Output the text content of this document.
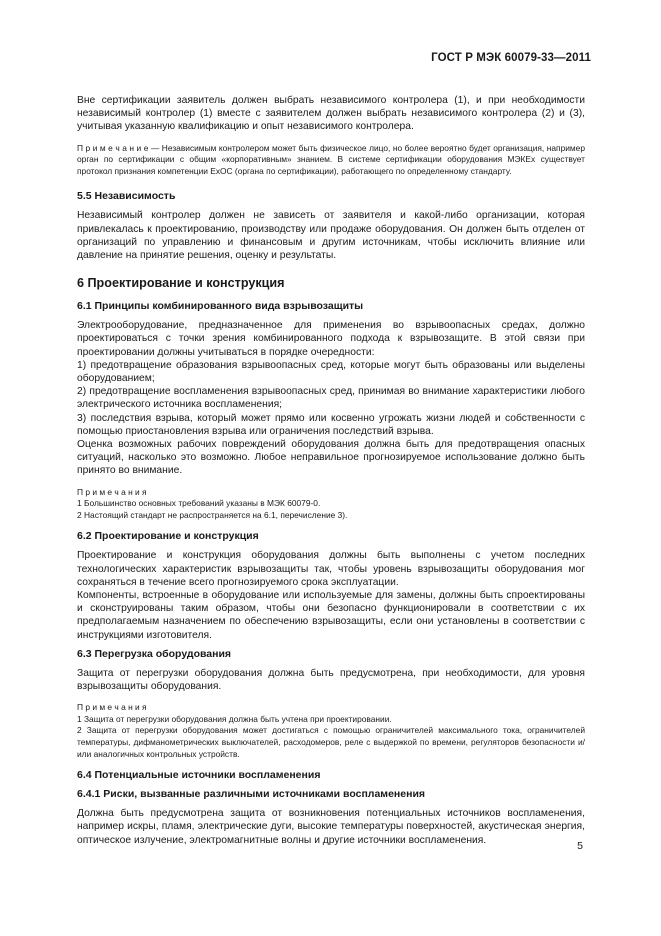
ГОСТ Р МЭК 60079-33—2011

Вне сертификации заявитель должен выбрать независимого контролера (1), и при необходимости независимый контролер (1) вместе с заявителем должен выбрать независимого контролера (2) и (3), учитывая указанную квалификацию и опыт независимого контролера.

П р и м е ч а н и е — Независимым контролером может быть физическое лицо, но более вероятно будет организация, например орган по сертификации с общим «корпоративным» знанием. В системе сертификации оборудования МЭКEx существует протокол признания компетенции ExOC (органа по сертификации), работающего по определенному стандарту.

5.5 Независимость

Независимый контролер должен не зависеть от заявителя и какой-либо организации, которая привлекалась к проектированию, производству или продаже оборудования. Он должен быть отделен от организаций по управлению и финансовым и другим источникам, чтобы исключить влияние или давление на принятие решения, оценку и результаты.

6 Проектирование и конструкция
6.1 Принципы комбинированного вида взрывозащиты

Электрооборудование, предназначенное для применения во взрывоопасных средах, должно проектироваться с точки зрения комбинированного подхода к взрывозащите. В этой связи при проектировании должны учитываться в порядке очередности:

1) предотвращение образования взрывоопасных сред, которые могут быть образованы или выделены оборудованием;

2) предотвращение воспламенения взрывоопасных сред, принимая во внимание характеристики любого электрического источника воспламенения;

3) последствия взрыва, который может прямо или косвенно угрожать жизни людей и собственности с помощью приостановления взрыва или ограничения последствий взрыва.

Оценка возможных рабочих повреждений оборудования должна быть для предотвращения опасных ситуаций, насколько это возможно. Любое неправильное прогнозируемое использование должно быть принято во внимание.

П р и м е ч а н и я

1 Большинство основных требований указаны в МЭК 60079-0.

2 Настоящий стандарт не распространяется на 6.1, перечисление 3).

6.2 Проектирование и конструкция

Проектирование и конструкция оборудования должны быть выполнены с учетом последних технологических характеристик взрывозащиты так, чтобы уровень взрывозащиты оборудования мог сохраняться в течение всего прогнозируемого срока эксплуатации.

Компоненты, встроенные в оборудование или используемые для замены, должны быть спроектированы и сконструированы таким образом, чтобы они безопасно функционировали в соответствии с их предполагаемым назначением по обеспечению взрывозащиты, если они установлены в соответствии с инструкциями изготовителя.

6.3 Перегрузка оборудования

Защита от перегрузки оборудования должна быть предусмотрена, при необходимости, для уровня взрывозащиты оборудования.

П р и м е ч а н и я

1 Защита от перегрузки оборудования должна быть учтена при проектировании.

2 Защита от перегрузки оборудования может достигаться с помощью ограничителей максимального тока, ограничителей температуры, дифманометрических выключателей, расходомеров, реле с выдержкой по времени, регуляторов безопасности и/или аналогичных контрольных устройств.

6.4 Потенциальные источники воспламенения
6.4.1 Риски, вызванные различными источниками воспламенения

Должна быть предусмотрена защита от возникновения потенциальных источников воспламенения, например искры, пламя, электрические дуги, высокие температуры поверхностей, акустическая энергия, оптическое излучение, электромагнитные волны и другие источники воспламенения.	5
